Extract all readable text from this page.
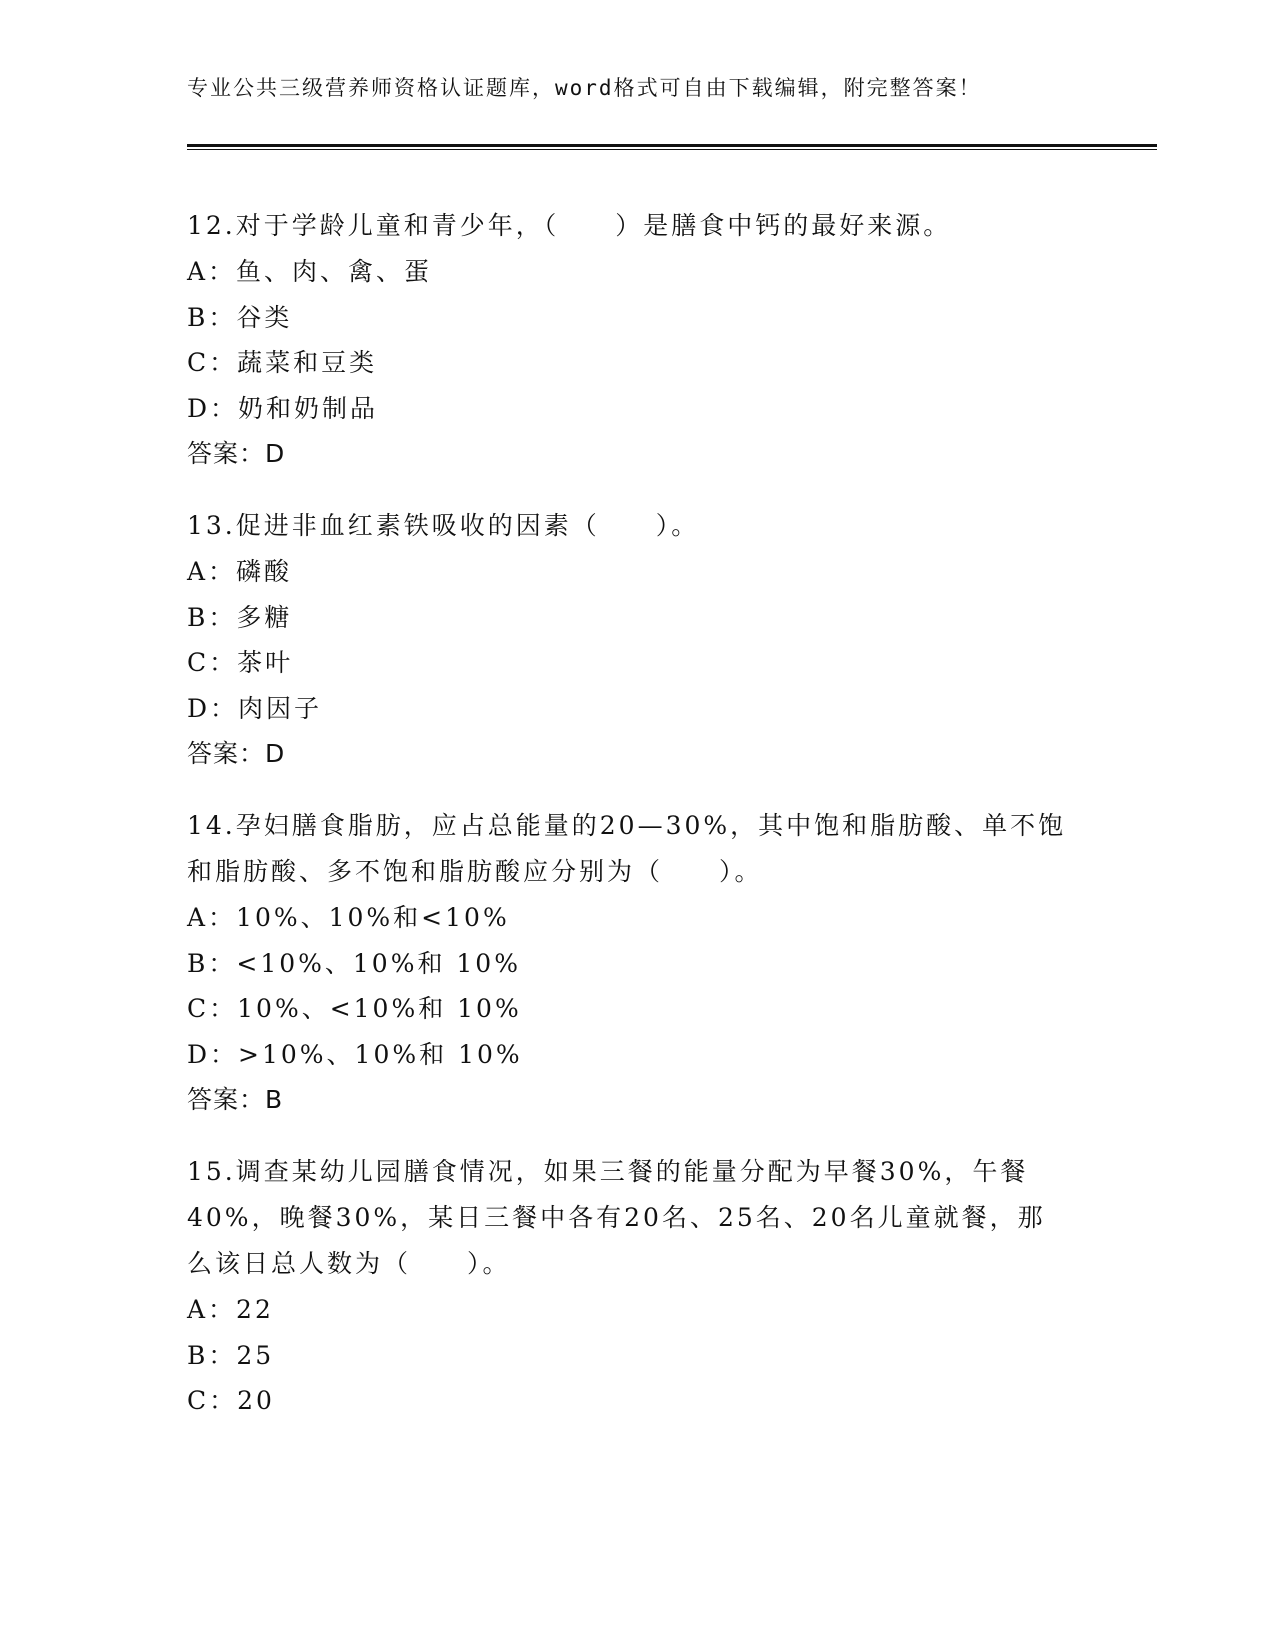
专业公共三级营养师资格认证题库，word格式可自由下载编辑，附完整答案！

12.对于学龄儿童和青少年，（　　）是膳食中钙的最好来源。

A：鱼、肉、禽、蛋

B：谷类

C：蔬菜和豆类

D：奶和奶制品

答案：D

13.促进非血红素铁吸收的因素（　　）。

A：磷酸

B：多糖

C：茶叶

D：肉因子

答案：D

14.孕妇膳食脂肪，应占总能量的20—30%，其中饱和脂肪酸、单不饱和脂肪酸、多不饱和脂肪酸应分别为（　　）。

A：10%、10%和<10%

B：<10%、10%和 10%

C：10%、<10%和 10%

D：>10%、10%和 10%

答案：B

15.调查某幼儿园膳食情况，如果三餐的能量分配为早餐30%，午餐40%，晚餐30%，某日三餐中各有20名、25名、20名儿童就餐，那么该日总人数为（　　）。

A：22

B：25

C：20
